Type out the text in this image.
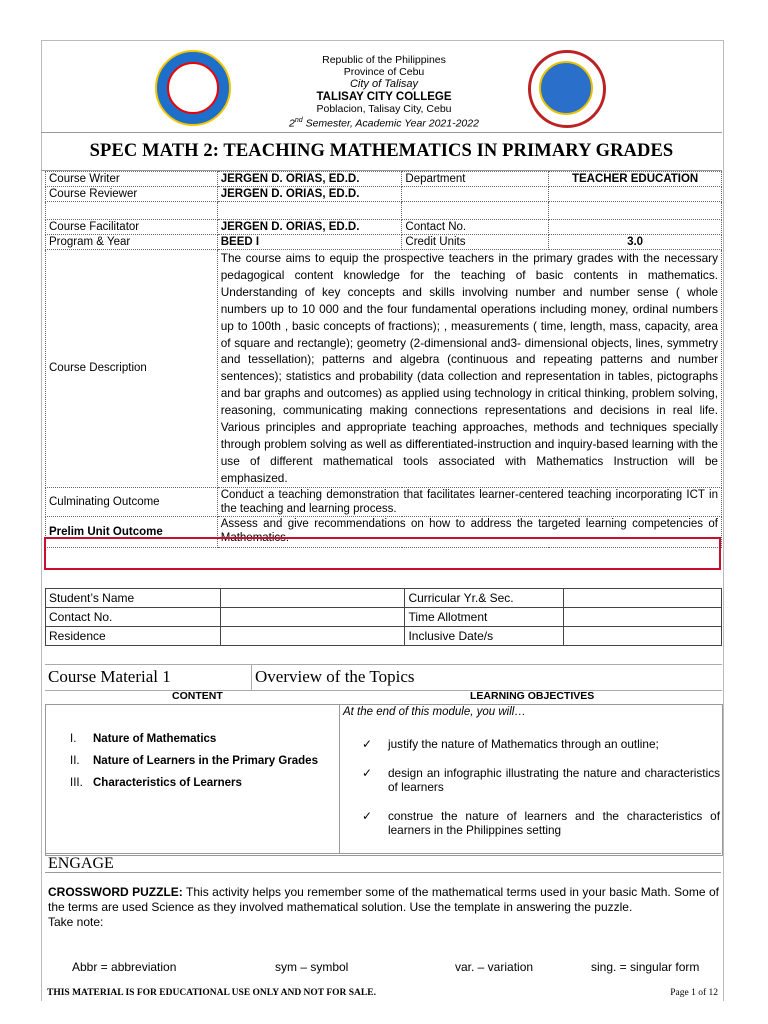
Republic of the Philippines
Province of Cebu
City of Talisay
TALISAY CITY COLLEGE
Poblacion, Talisay City, Cebu
2nd Semester, Academic Year 2021-2022
SPEC MATH 2: TEACHING MATHEMATICS IN PRIMARY GRADES
Course Writer	JERGEN D. ORIAS, ED.D.	Department	TEACHER EDUCATION
Course Reviewer	JERGEN D. ORIAS, ED.D.		

Course Facilitator	JERGEN D. ORIAS, ED.D.	Contact No.	
Program & Year	BEED I	Credit Units	3.0
Course Description	The course aims to equip the prospective teachers in the primary grades with the necessary pedagogical content knowledge for the teaching of basic contents in mathematics. Understanding of key concepts and skills involving number and number sense ( whole numbers up to 10 000 and the four fundamental operations including money, ordinal numbers up to 100th , basic concepts of fractions); , measurements ( time, length, mass, capacity, area of square and rectangle); geometry (2-dimensional and3- dimensional objects, lines, symmetry and tessellation); patterns and algebra (continuous and repeating patterns and number sentences); statistics and probability (data collection and representation in tables, pictographs and bar graphs and outcomes) as applied using technology in critical thinking, problem solving, reasoning, communicating making connections representations and decisions in real life. Various principles and appropriate teaching approaches, methods and techniques specially through problem solving as well as differentiated-instruction and inquiry-based learning with the use of different mathematical tools associated with Mathematics Instruction will be emphasized.		
Culminating Outcome	Conduct a teaching demonstration that facilitates learner-centered teaching incorporating ICT in the teaching and learning process.		
Prelim Unit Outcome	Assess and give recommendations on how to address the targeted learning competencies of Mathematics.		
Student’s Name		Curricular Yr.& Sec.	
Contact No.		Time Allotment	
Residence		Inclusive Date/s	
Course Material 1	Overview of the Topics
CONTENT	LEARNING OBJECTIVES
I. Nature of Mathematics
II. Nature of Learners in the Primary Grades
III. Characteristics of Learners
At the end of this module, you will…
✓	justify the nature of Mathematics through an outline;
✓	design an infographic illustrating the nature and characteristics of learners
✓	construe the nature of learners and the characteristics of learners in the Philippines setting
ENGAGE
CROSSWORD PUZZLE: This activity helps you remember some of the mathematical terms used in your basic Math. Some of the terms are used Science as they involved mathematical solution. Use the template in answering the puzzle.
Take note:
Abbr = abbreviation	sym – symbol	var. – variation	sing. = singular form
THIS MATERIAL IS FOR EDUCATIONAL USE ONLY AND NOT FOR SALE.	Page 1 of 12
